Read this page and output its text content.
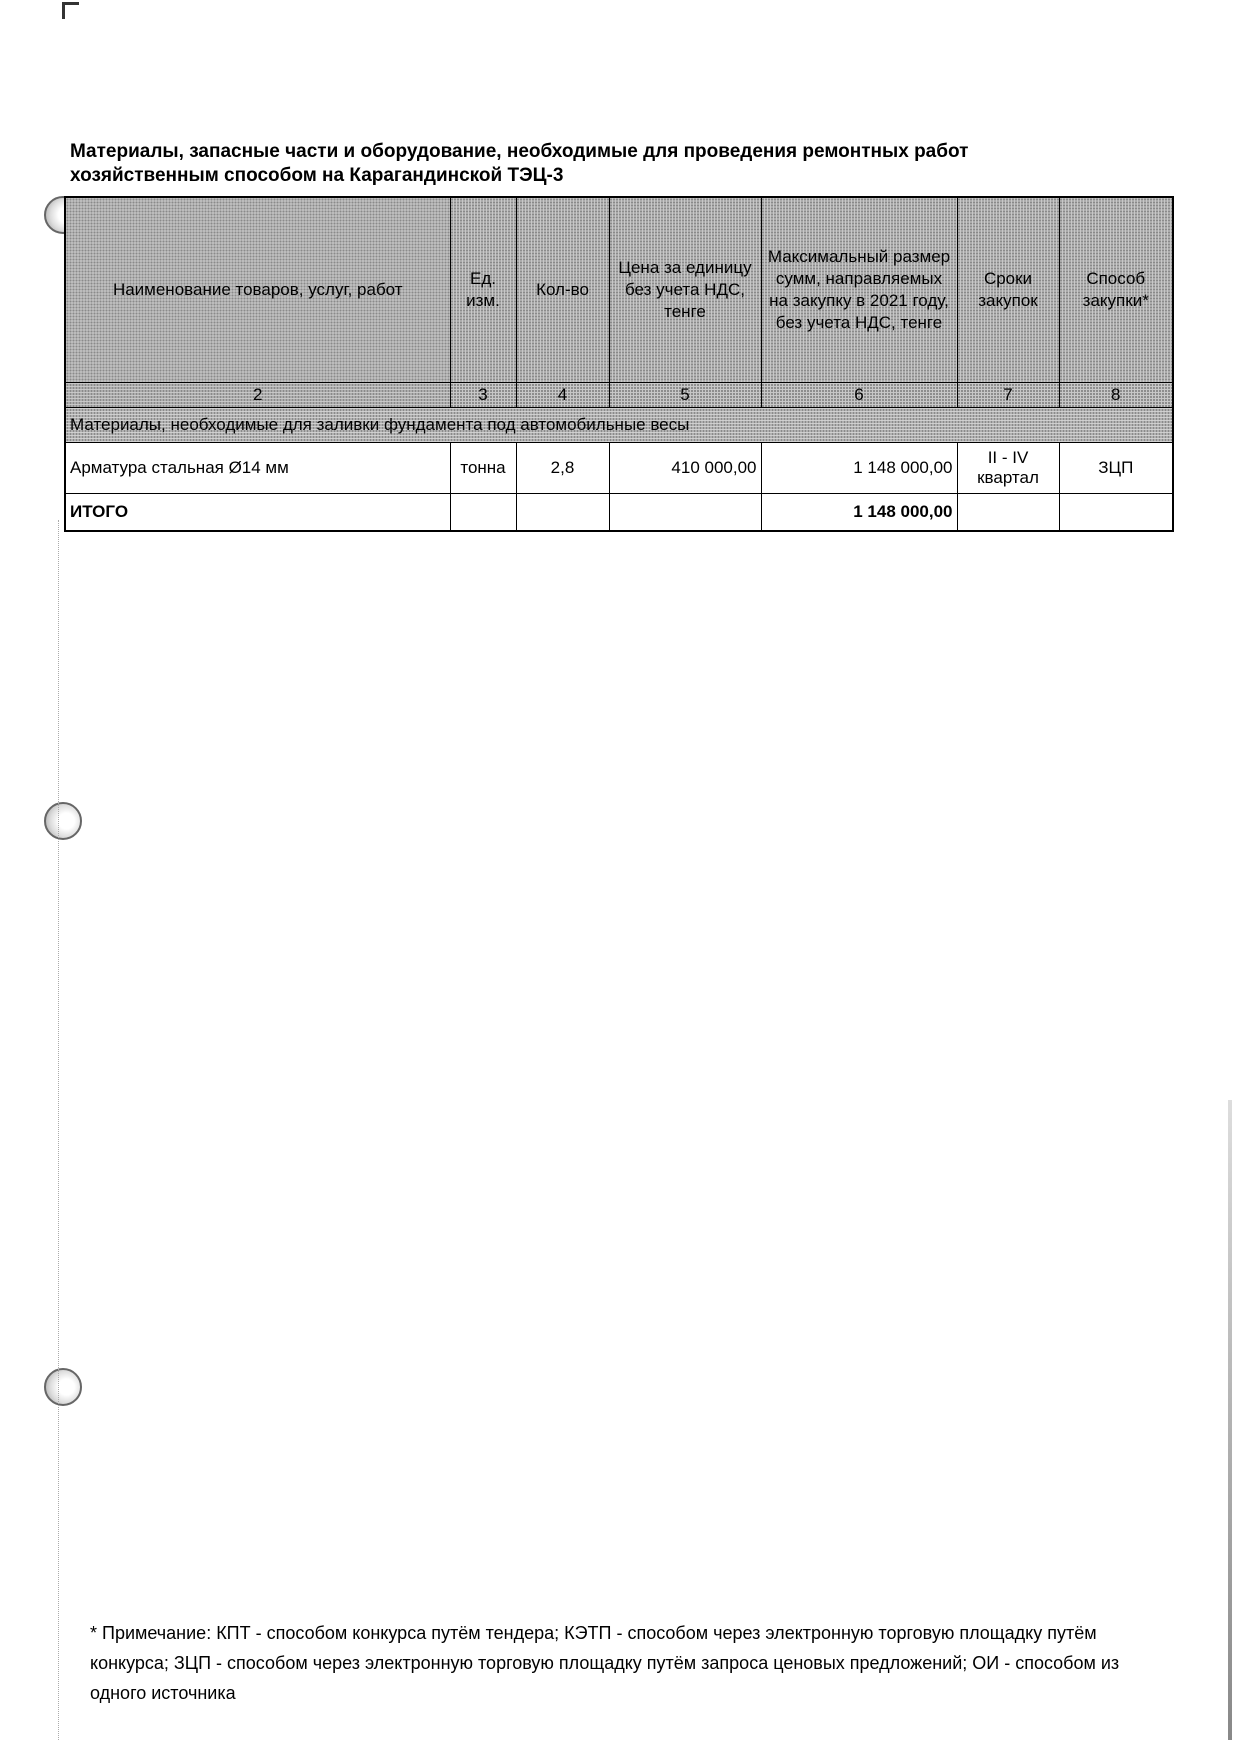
Материалы, запасные части и оборудование, необходимые для проведения ремонтных работ хозяйственным способом на Карагандинской ТЭЦ-3
Наименование товаров, услуг, работ	Ед. изм.	Кол-во	Цена за единицу без учета НДС, тенге	Максимальный размер сумм, направляемых на закупку в 2021 году, без учета НДС, тенге	Сроки закупок	Способ закупки*
2	3	4	5	6	7	8
Материалы, необходимые для заливки фундамента под автомобильные весы						
Арматура стальная Ø14 мм	тонна	2,8	410 000,00	1 148 000,00	II - IV квартал	ЗЦП
ИТОГО				1 148 000,00		
* Примечание: КПТ - способом конкурса путём тендера; КЭТП - способом через электронную торговую площадку путём конкурса; ЗЦП - способом через электронную торговую площадку путём запроса ценовых предложений; ОИ - способом из одного источника
